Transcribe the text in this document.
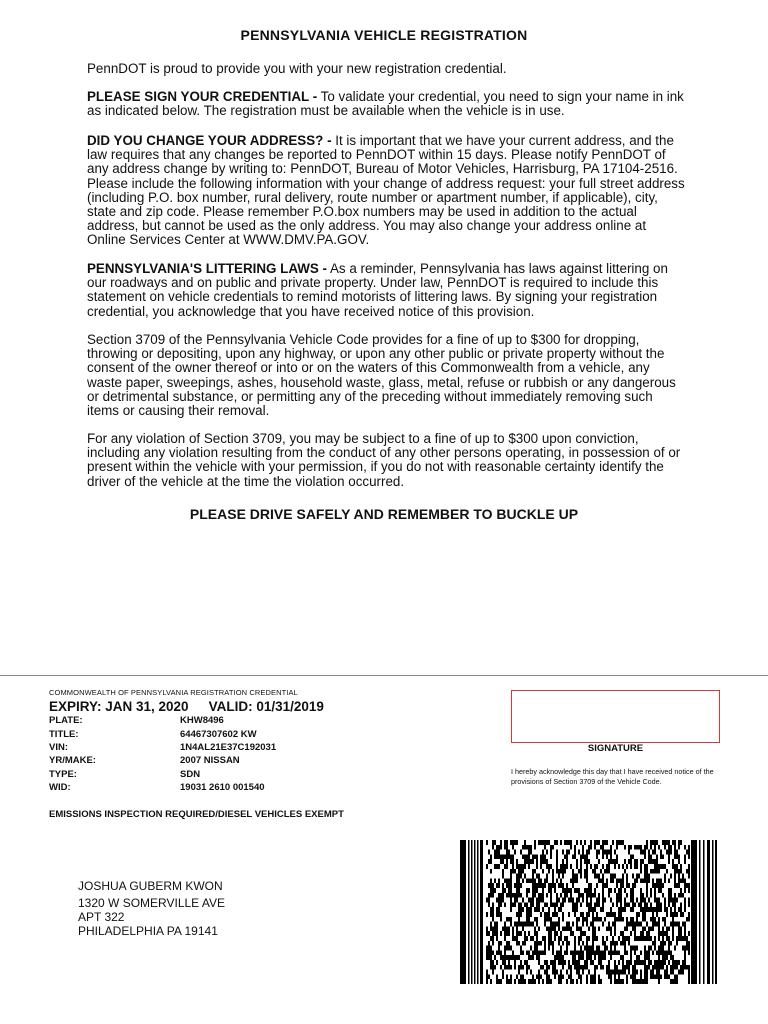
PENNSYLVANIA VEHICLE REGISTRATION
PennDOT is proud to provide you with your new registration credential.
PLEASE SIGN YOUR CREDENTIAL - To validate your credential, you need to sign your name in ink as indicated below. The registration must be available when the vehicle is in use.
DID YOU CHANGE YOUR ADDRESS? - It is important that we have your current address, and the law requires that any changes be reported to PennDOT within 15 days. Please notify PennDOT of any address change by writing to: PennDOT, Bureau of Motor Vehicles, Harrisburg, PA 17104-2516. Please include the following information with your change of address request: your full street address (including P.O. box number, rural delivery, route number or apartment number, if applicable), city, state and zip code. Please remember P.O.box numbers may be used in addition to the actual address, but cannot be used as the only address. You may also change your address online at Online Services Center at WWW.DMV.PA.GOV.
PENNSYLVANIA'S LITTERING LAWS - As a reminder, Pennsylvania has laws against littering on our roadways and on public and private property. Under law, PennDOT is required to include this statement on vehicle credentials to remind motorists of littering laws. By signing your registration credential, you acknowledge that you have received notice of this provision.
Section 3709 of the Pennsylvania Vehicle Code provides for a fine of up to $300 for dropping, throwing or depositing, upon any highway, or upon any other public or private property without the consent of the owner thereof or into or on the waters of this Commonwealth from a vehicle, any waste paper, sweepings, ashes, household waste, glass, metal, refuse or rubbish or any dangerous or detrimental substance, or permitting any of the preceding without immediately removing such items or causing their removal.
For any violation of Section 3709, you may be subject to a fine of up to $300 upon conviction, including any violation resulting from the conduct of any other persons operating, in possession of or present within the vehicle with your permission, if you do not with reasonable certainty identify the driver of the vehicle at the time the violation occurred.
PLEASE DRIVE SAFELY AND REMEMBER TO BUCKLE UP
COMMONWEALTH OF PENNSYLVANIA REGISTRATION CREDENTIAL
EXPIRY: JAN 31, 2020 VALID: 01/31/2019
PLATE:	KHW8496
TITLE:	64467307602 KW
VIN:	1N4AL21E37C192031
YR/MAKE:	2007 NISSAN
TYPE:	SDN
WID:	19031 2610 001540
EMISSIONS INSPECTION REQUIRED/DIESEL VEHICLES EXEMPT
SIGNATURE
I hereby acknowledge this day that I have received notice of the provisions of Section 3709 of the Vehicle Code.
JOSHUA GUBERM KWON
1320 W SOMERVILLE AVE
APT 322
PHILADELPHIA PA 19141
